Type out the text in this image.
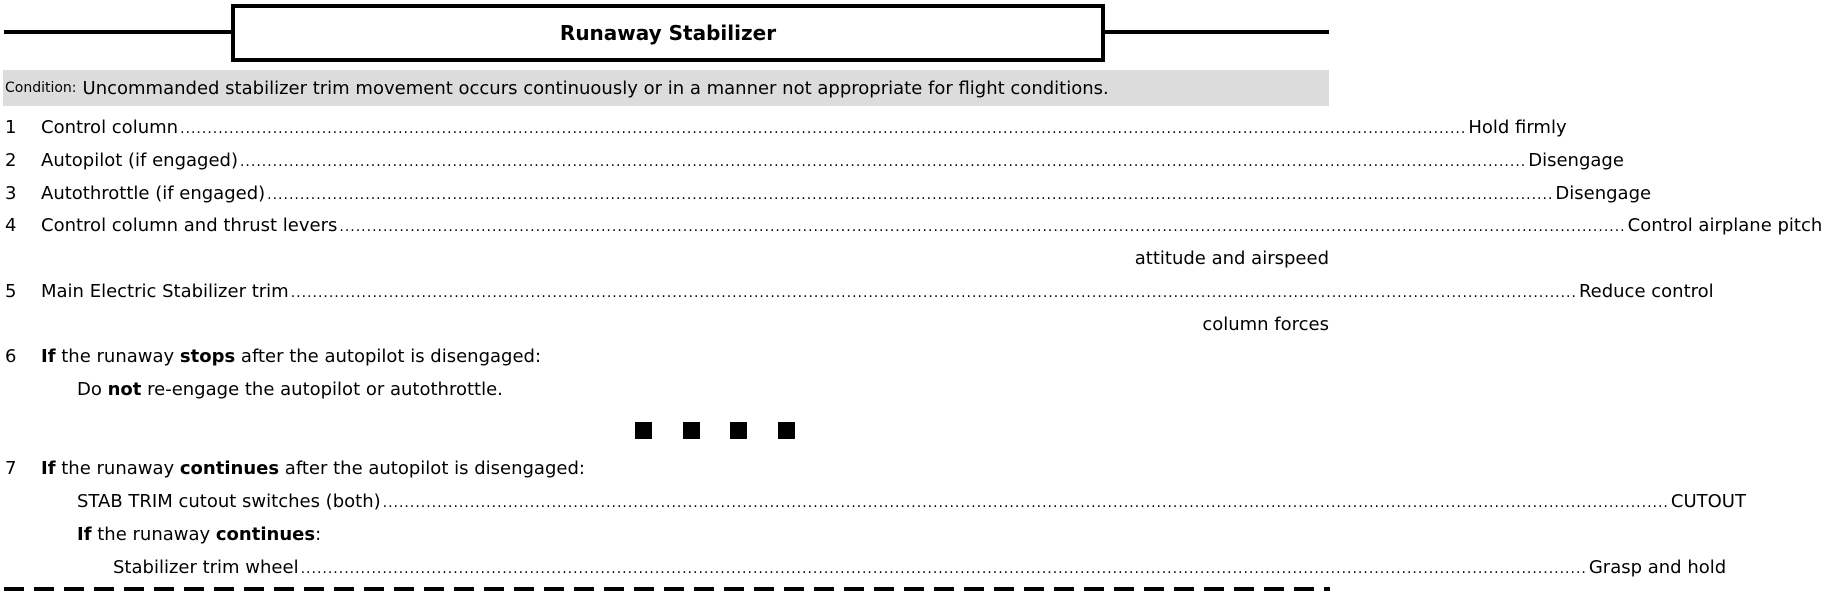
Runaway Stabilizer
Condition: Uncommanded stabilizer trim movement occurs continuously or in a manner not appropriate for flight conditions.
1	Control column ............................................................................................................................................................................................................................................ Hold firmly
2	Autopilot (if engaged) ............................................................................................................................................................................................................................................ Disengage
3	Autothrottle (if engaged) ............................................................................................................................................................................................................................................ Disengage
4	Control column and thrust levers ............................................................................................................................................................................................................................................ Control airplane pitch
attitude and airspeed
5	Main Electric Stabilizer trim ............................................................................................................................................................................................................................................ Reduce control
column forces
6	If the runaway stops after the autopilot is disengaged:
Do not re-engage the autopilot or autothrottle.
7	If the runaway continues after the autopilot is disengaged:
STAB TRIM cutout switches (both) ............................................................................................................................................................................................................................................ CUTOUT
If the runaway continues:
Stabilizer trim wheel ............................................................................................................................................................................................................................................ Grasp and hold
